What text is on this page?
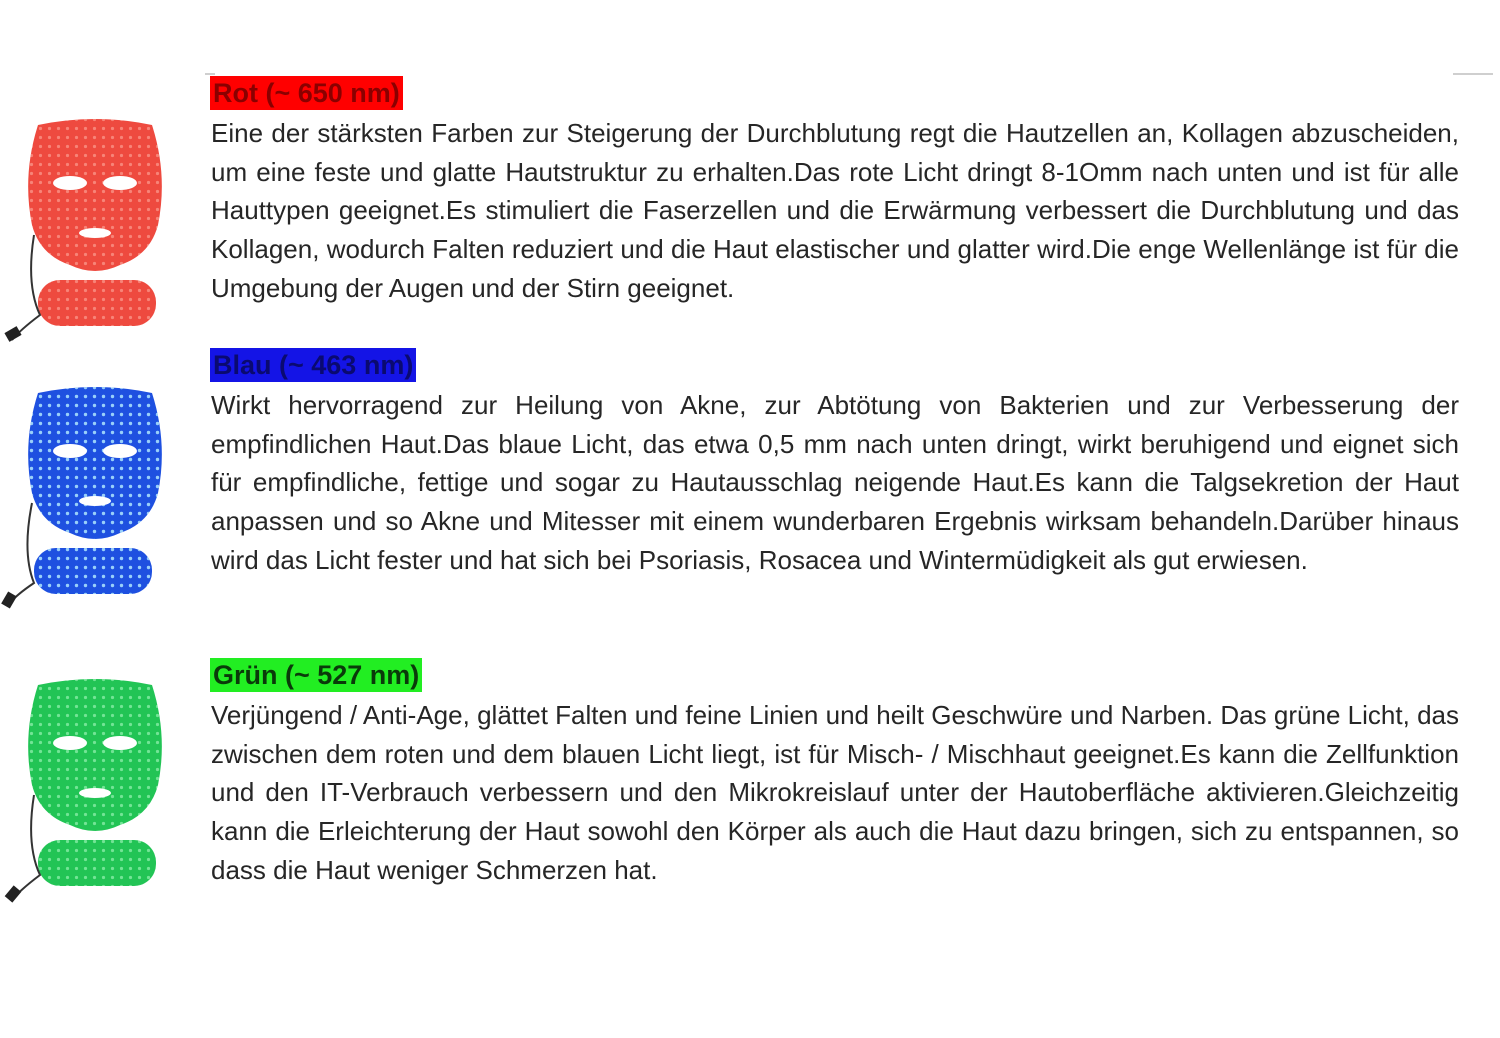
Rot (~ 650 nm)
Eine der stärksten Farben zur Steigerung der Durchblutung regt die Hautzellen an, Kollagen abzuscheiden, um eine feste und glatte Hautstruktur zu erhalten.Das rote Licht dringt 8-1Omm nach unten und ist für alle Hauttypen geeignet.Es stimuliert die Faserzellen und die Erwärmung verbessert die Durchblutung und das Kollagen, wodurch Falten reduziert und die Haut elastischer und glatter wird.Die enge Wellenlänge ist für die Umgebung der Augen und der Stirn geeignet.
Blau (~ 463 nm)
Wirkt hervorragend zur Heilung von Akne, zur Abtötung von Bakterien und zur Verbesserung der empfindlichen Haut.Das blaue Licht, das etwa 0,5 mm nach unten dringt, wirkt beruhigend und eignet sich für empfindliche, fettige und sogar zu Hautausschlag neigende Haut.Es kann die Talgsekretion der Haut anpassen und so Akne und Mitesser mit einem wunderbaren Ergebnis wirksam behandeln.Darüber hinaus wird das Licht fester und hat sich bei Psoriasis, Rosacea und Wintermüdigkeit als gut erwiesen.
Grün (~ 527 nm)
Verjüngend / Anti-Age, glättet Falten und feine Linien und heilt Geschwüre und Narben. Das grüne Licht, das zwischen dem roten und dem blauen Licht liegt, ist für Misch- / Mischhaut geeignet.Es kann die Zellfunktion und den IT-Verbrauch verbessern und den Mikrokreislauf unter der Hautoberfläche aktivieren.Gleichzeitig kann die Erleichterung der Haut sowohl den Körper als auch die Haut dazu bringen, sich zu entspannen, so dass die Haut weniger Schmerzen hat.
